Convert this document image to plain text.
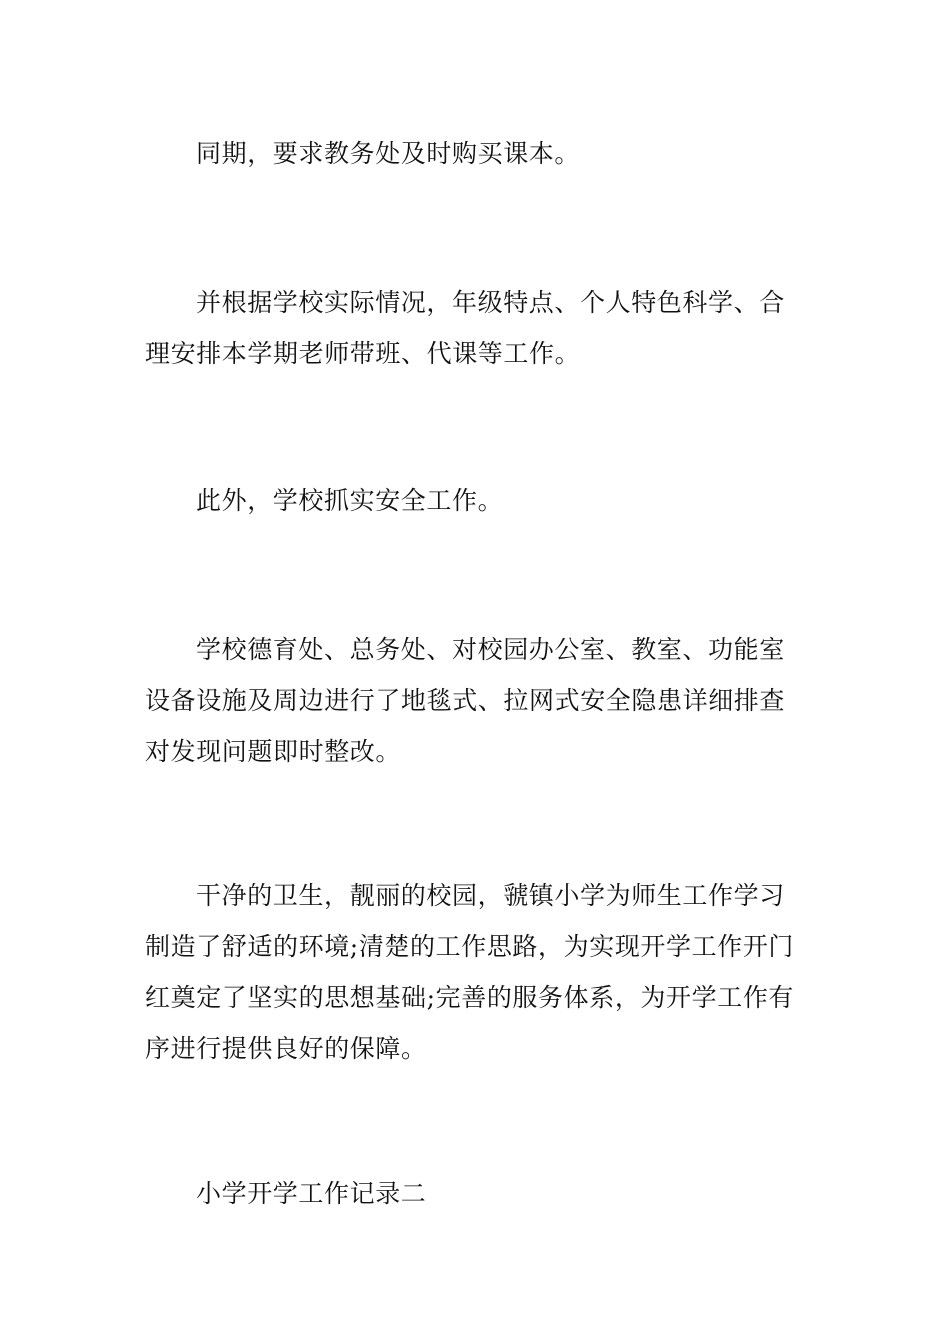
同期，要求教务处及时购买课本。
并根据学校实际情况，年级特点、个人特色科学、合
理安排本学期老师带班、代课等工作。
此外，学校抓实安全工作。
学校德育处、总务处、对校园办公室、教室、功能室
设备设施及周边进行了地毯式、拉网式安全隐患详细排查
对发现问题即时整改。
干净的卫生，靓丽的校园，虢镇小学为师生工作学习
制造了舒适的环境;清楚的工作思路，为实现开学工作开门
红奠定了坚实的思想基础;完善的服务体系，为开学工作有
序进行提供良好的保障。
小学开学工作记录二
